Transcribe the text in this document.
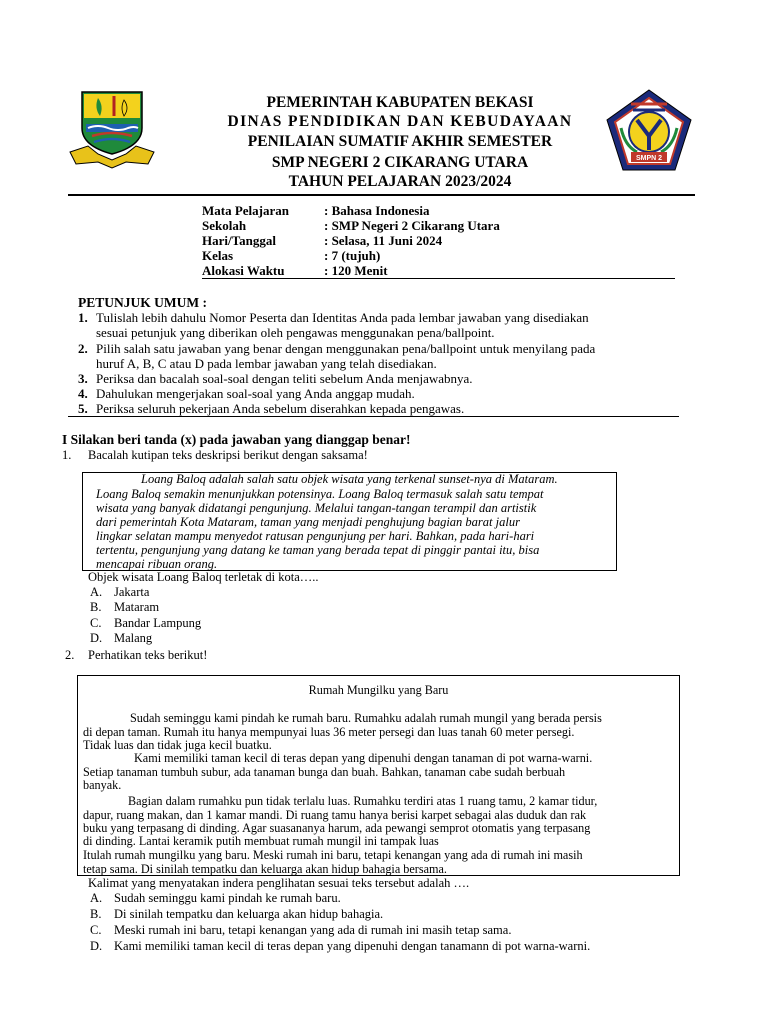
SMPN 2
PEMERINTAH KABUPATEN BEKASI
DINAS PENDIDIKAN DAN KEBUDAYAAN
PENILAIAN SUMATIF AKHIR SEMESTER
SMP NEGERI 2 CIKARANG UTARA
TAHUN PELAJARAN 2023/2024
Mata Pelajaran	: Bahasa Indonesia
Sekolah	: SMP Negeri 2 Cikarang Utara
Hari/Tanggal	: Selasa, 11 Juni 2024
Kelas	: 7 (tujuh)
Alokasi Waktu	: 120 Menit
PETUNJUK UMUM :
1. Tulislah lebih dahulu Nomor Peserta dan Identitas Anda pada lembar jawaban yang disediakan
sesuai petunjuk yang diberikan oleh pengawas menggunakan pena/ballpoint.
2. Pilih salah satu jawaban yang benar dengan menggunakan pena/ballpoint untuk menyilang pada
huruf A, B, C atau D pada lembar jawaban yang telah disediakan.
3. Periksa dan bacalah soal-soal dengan teliti sebelum Anda menjawabnya.
4. Dahulukan mengerjakan soal-soal yang Anda anggap mudah.
5. Periksa seluruh pekerjaan Anda sebelum diserahkan kepada pengawas.
I Silakan beri tanda (x) pada jawaban yang dianggap benar!
1. Bacalah kutipan teks deskripsi berikut dengan saksama!
Loang Baloq adalah salah satu objek wisata yang terkenal sunset-nya di Mataram.
Loang Baloq semakin menunjukkan potensinya. Loang Baloq termasuk salah satu tempat
wisata yang banyak didatangi pengunjung. Melalui tangan-tangan terampil dan artistik
dari pemerintah Kota Mataram, taman yang menjadi penghujung bagian barat jalur
lingkar selatan mampu menyedot ratusan pengunjung per hari. Bahkan, pada hari-hari
tertentu, pengunjung yang datang ke taman yang berada tepat di pinggir pantai itu, bisa
mencapai ribuan orang.
Objek wisata Loang Baloq terletak di kota…..
A. Jakarta
B. Mataram
C. Bandar Lampung
D. Malang
2. Perhatikan teks berikut!
Rumah Mungilku yang Baru
Sudah seminggu kami pindah ke rumah baru. Rumahku adalah rumah mungil yang berada persis
di depan taman. Rumah itu hanya mempunyai luas 36 meter persegi dan luas tanah 60 meter persegi.
Tidak luas dan tidak juga kecil buatku.
Kami memiliki taman kecil di teras depan yang dipenuhi dengan tanaman di pot warna-warni.
Setiap tanaman tumbuh subur, ada tanaman bunga dan buah. Bahkan, tanaman cabe sudah berbuah
banyak.
Bagian dalam rumahku pun tidak terlalu luas. Rumahku terdiri atas 1 ruang tamu, 2 kamar tidur,
dapur, ruang makan, dan 1 kamar mandi. Di ruang tamu hanya berisi karpet sebagai alas duduk dan rak
buku yang terpasang di dinding. Agar suasananya harum, ada pewangi semprot otomatis yang terpasang
di dinding. Lantai keramik putih membuat rumah mungil ini tampak luas
Itulah rumah mungilku yang baru. Meski rumah ini baru, tetapi kenangan yang ada di rumah ini masih
tetap sama. Di sinilah tempatku dan keluarga akan hidup bahagia bersama.
Kalimat yang menyatakan indera penglihatan sesuai teks tersebut adalah ….
A. Sudah seminggu kami pindah ke rumah baru.
B. Di sinilah tempatku dan keluarga akan hidup bahagia.
C. Meski rumah ini baru, tetapi kenangan yang ada di rumah ini masih tetap sama.
D. Kami memiliki taman kecil di teras depan yang dipenuhi dengan tanamann di pot warna-warni.
